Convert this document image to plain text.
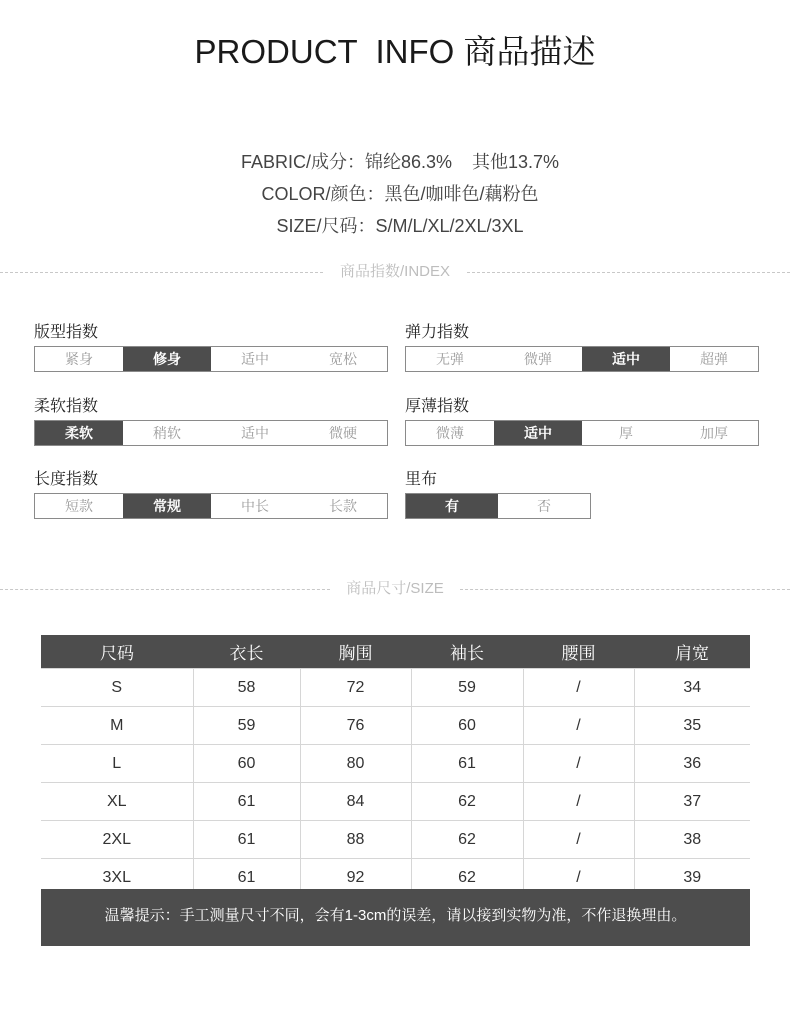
PRODUCT  INFO 商品描述

FABRIC/成分：锦纶86.3%    其他13.7%

COLOR/颜色：黑色/咖啡色/藕粉色

SIZE/尺码：S/M/L/XL/2XL/3XL

商品指数/INDEX
版型指数
紧身	修身	适中	宽松
弹力指数
无弹	微弹	适中	超弹
柔软指数
柔软	稍软	适中	微硬
厚薄指数
微薄	适中	厚	加厚
长度指数
短款	常规	中长	长款
里布
有	否
商品尺寸/SIZE
尺码	衣长	胸围	袖长	腰围	肩宽
S	58	72	59	/	34
M	59	76	60	/	35
L	60	80	61	/	36
XL	61	84	62	/	37
2XL	61	88	62	/	38
3XL	61	92	62	/	39
温馨提示：手工测量尺寸不同，会有1-3cm的误差，请以接到实物为准，不作退换理由。
